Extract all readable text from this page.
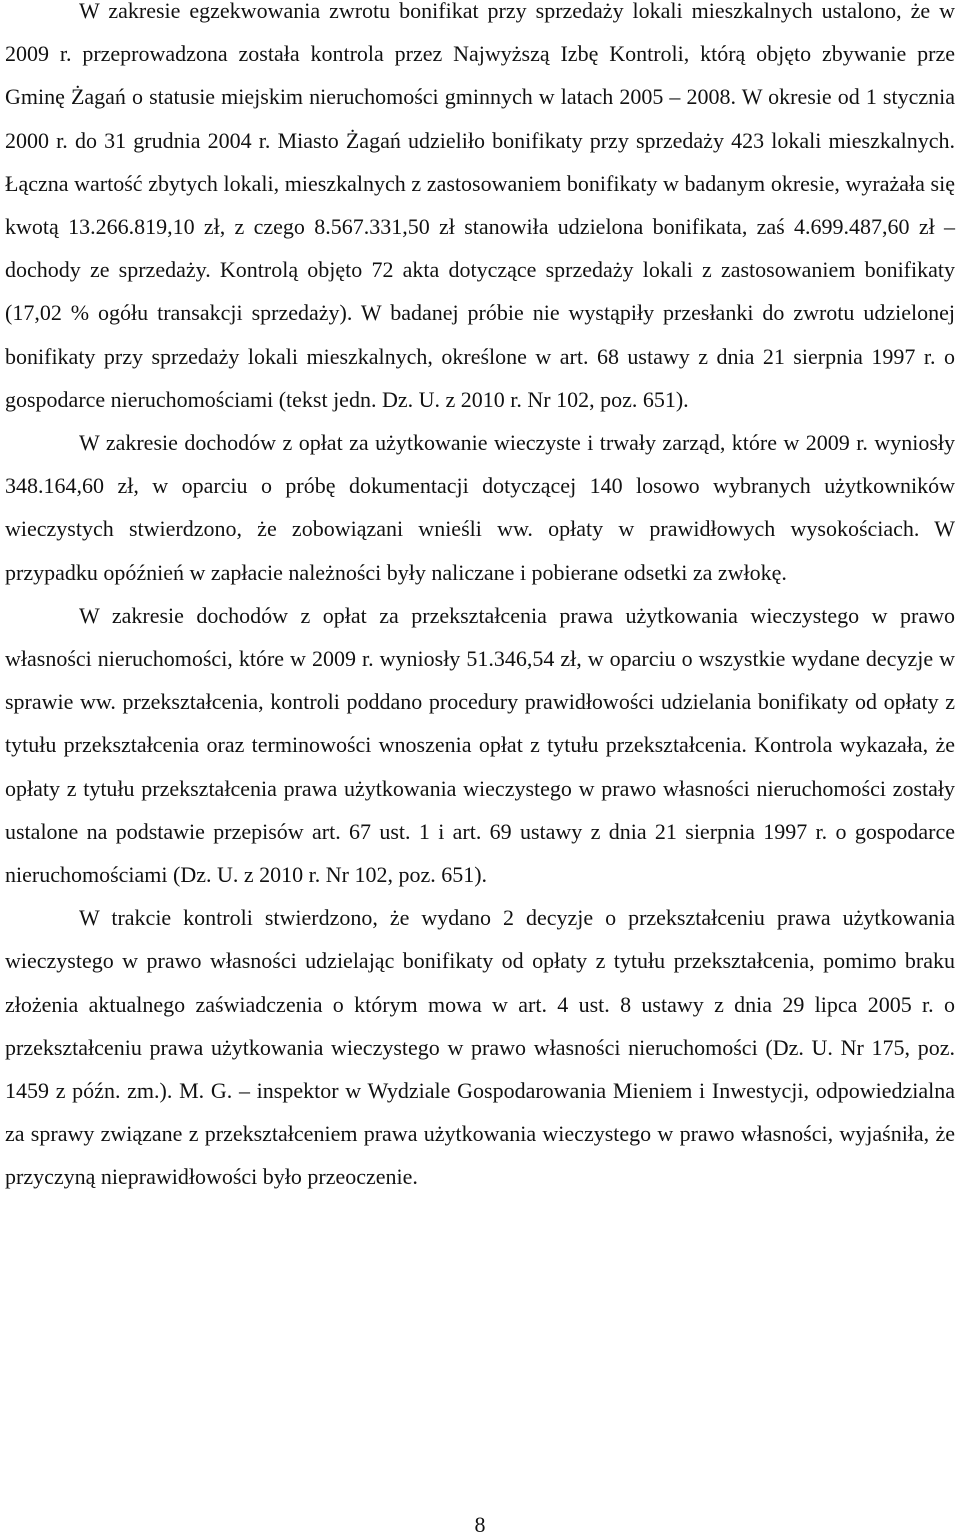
W zakresie egzekwowania zwrotu bonifikat przy sprzedaży lokali mieszkalnych ustalono, że w 2009 r. przeprowadzona została kontrola przez Najwyższą Izbę Kontroli, którą objęto zbywanie prze Gminę Żagań o statusie miejskim nieruchomości gminnych w latach 2005 – 2008. W okresie od 1 stycznia 2000 r. do 31 grudnia 2004 r. Miasto Żagań udzieliło bonifikaty przy sprzedaży 423 lokali mieszkalnych. Łączna wartość zbytych lokali, mieszkalnych z zastosowaniem bonifikaty w badanym okresie, wyrażała się kwotą 13.266.819,10 zł, z czego 8.567.331,50 zł stanowiła udzielona bonifikata, zaś 4.699.487,60 zł – dochody ze sprzedaży. Kontrolą objęto 72 akta dotyczące sprzedaży lokali z zastosowaniem bonifikaty (17,02 % ogółu transakcji sprzedaży). W badanej próbie nie wystąpiły przesłanki do zwrotu udzielonej bonifikaty przy sprzedaży lokali mieszkalnych, określone w art. 68 ustawy z dnia 21 sierpnia 1997 r. o gospodarce nieruchomościami (tekst jedn. Dz. U. z 2010 r. Nr 102, poz. 651).

W zakresie dochodów z opłat za użytkowanie wieczyste i trwały zarząd, które w 2009 r. wyniosły 348.164,60 zł, w oparciu o próbę dokumentacji dotyczącej 140 losowo wybranych użytkowników wieczystych stwierdzono, że zobowiązani wnieśli ww. opłaty w prawidłowych wysokościach. W przypadku opóźnień w zapłacie należności były naliczane i pobierane odsetki za zwłokę.

W zakresie dochodów z opłat za przekształcenia prawa użytkowania wieczystego w prawo własności nieruchomości, które w 2009 r. wyniosły 51.346,54 zł, w oparciu o wszystkie wydane decyzje w sprawie ww. przekształcenia, kontroli poddano procedury prawidłowości udzielania bonifikaty od opłaty z tytułu przekształcenia oraz terminowości wnoszenia opłat z tytułu przekształcenia. Kontrola wykazała, że opłaty z tytułu przekształcenia prawa użytkowania wieczystego w prawo własności nieruchomości zostały ustalone na podstawie przepisów art. 67 ust. 1 i art. 69 ustawy z dnia 21 sierpnia 1997 r. o gospodarce nieruchomościami (Dz. U. z 2010 r. Nr 102, poz. 651).

W trakcie kontroli stwierdzono, że wydano 2 decyzje o przekształceniu prawa użytkowania wieczystego w prawo własności udzielając bonifikaty od opłaty z tytułu przekształcenia, pomimo braku złożenia aktualnego zaświadczenia o którym mowa w art. 4 ust. 8 ustawy z dnia 29 lipca 2005 r. o przekształceniu prawa użytkowania wieczystego w prawo własności nieruchomości (Dz. U. Nr 175, poz. 1459 z późn. zm.). M. G. – inspektor w Wydziale Gospodarowania Mieniem i Inwestycji, odpowiedzialna za sprawy związane z przekształceniem prawa użytkowania wieczystego w prawo własności, wyjaśniła, że przyczyną nieprawidłowości było przeoczenie.

8
